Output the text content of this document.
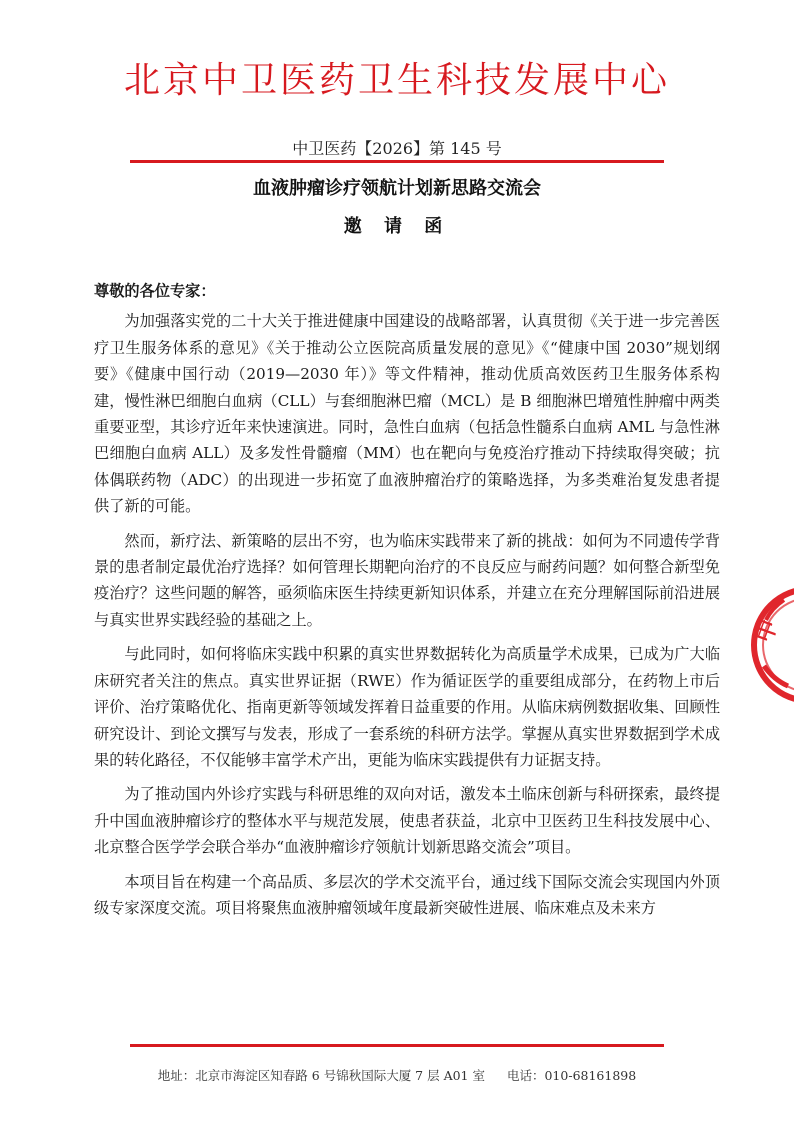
北京中卫医药卫生科技发展中心
中卫医药【2026】第 145 号
血液肿瘤诊疗领航计划新思路交流会
邀 请 函

尊敬的各位专家：

为加强落实党的二十大关于推进健康中国建设的战略部署，认真贯彻《关于进一步完善医疗卫生服务体系的意见》《关于推动公立医院高质量发展的意见》《“健康中国 2030”规划纲要》《健康中国行动（2019—2030 年）》等文件精神，推动优质高效医药卫生服务体系构建，慢性淋巴细胞白血病（CLL）与套细胞淋巴瘤（MCL）是 B 细胞淋巴增殖性肿瘤中两类重要亚型，其诊疗近年来快速演进。同时，急性白血病（包括急性髓系白血病 AML 与急性淋巴细胞白血病 ALL）及多发性骨髓瘤（MM）也在靶向与免疫治疗推动下持续取得突破；抗体偶联药物（ADC）的出现进一步拓宽了血液肿瘤治疗的策略选择，为多类难治复发患者提供了新的可能。

然而，新疗法、新策略的层出不穷，也为临床实践带来了新的挑战：如何为不同遗传学背景的患者制定最优治疗选择？如何管理长期靶向治疗的不良反应与耐药问题？如何整合新型免疫治疗？这些问题的解答，亟须临床医生持续更新知识体系，并建立在充分理解国际前沿进展与真实世界实践经验的基础之上。

与此同时，如何将临床实践中积累的真实世界数据转化为高质量学术成果，已成为广大临床研究者关注的焦点。真实世界证据（RWE）作为循证医学的重要组成部分，在药物上市后评价、治疗策略优化、指南更新等领域发挥着日益重要的作用。从临床病例数据收集、回顾性研究设计、到论文撰写与发表，形成了一套系统的科研方法学。掌握从真实世界数据到学术成果的转化路径，不仅能够丰富学术产出，更能为临床实践提供有力证据支持。

为了推动国内外诊疗实践与科研思维的双向对话，激发本土临床创新与科研探索，最终提升中国血液肿瘤诊疗的整体水平与规范发展，使患者获益，北京中卫医药卫生科技发展中心、北京整合医学学会联合举办“血液肿瘤诊疗领航计划新思路交流会”项目。

本项目旨在构建一个高品质、多层次的学术交流平台，通过线下国际交流会实现国内外顶级专家深度交流。项目将聚焦血液肿瘤领域年度最新突破性进展、临床难点及未来方

中
地址：北京市海淀区知春路 6 号锦秋国际大厦 7 层 A01 室 电话：010-68161898
